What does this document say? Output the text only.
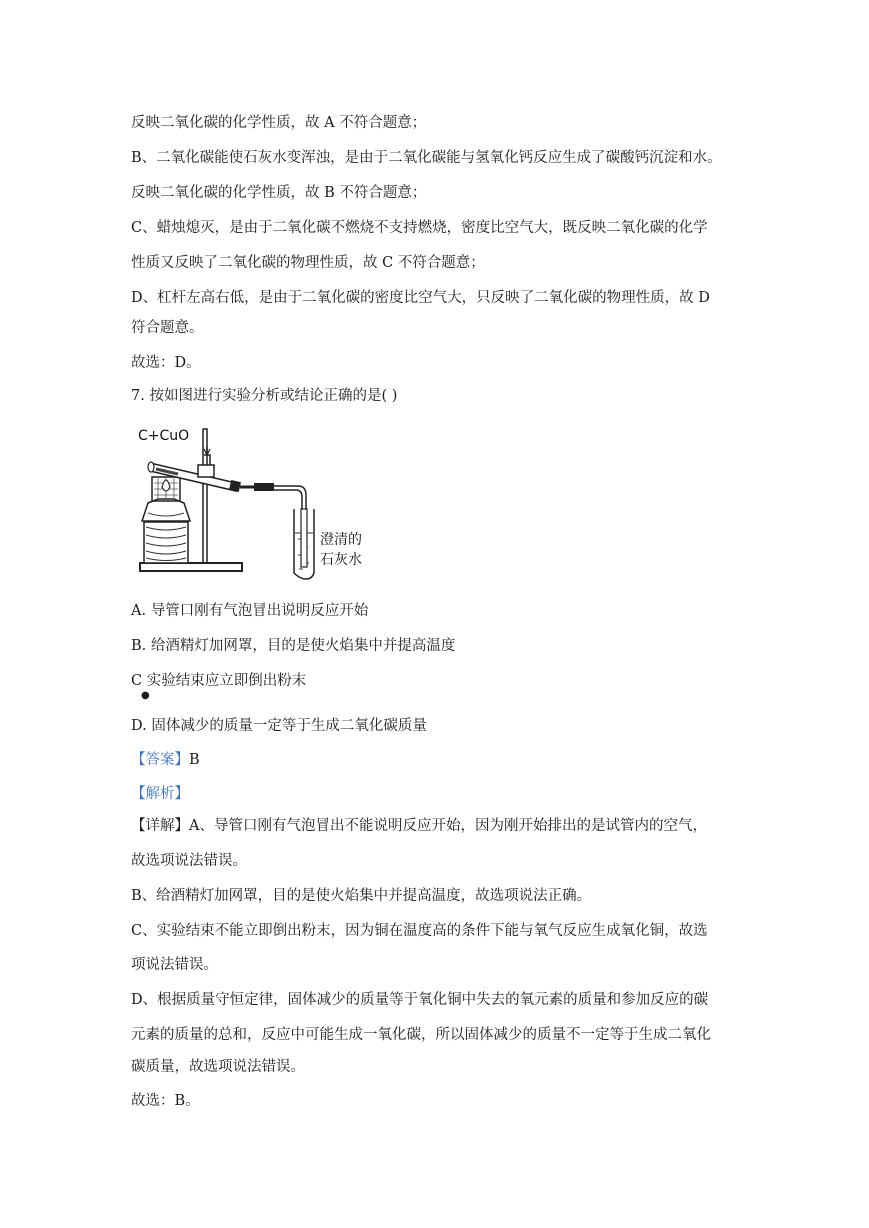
反映二氧化碳的化学性质，故 A 不符合题意；
B、二氧化碳能使石灰水变浑浊，是由于二氧化碳能与氢氧化钙反应生成了碳酸钙沉淀和水。
反映二氧化碳的化学性质，故 B 不符合题意；
C、蜡烛熄灭，是由于二氧化碳不燃烧不支持燃烧，密度比空气大，既反映二氧化碳的化学
性质又反映了二氧化碳的物理性质，故 C 不符合题意；
D、杠杆左高右低，是由于二氧化碳的密度比空气大，只反映了二氧化碳的物理性质，故 D
符合题意。
故选：D。
7. 按如图进行实验分析或结论正确的是( )
C+CuO
澄清的
石灰水
A. 导管口刚有气泡冒出说明反应开始
B. 给酒精灯加网罩，目的是使火焰集中并提高温度
C 实验结束应立即倒出粉末
●
D. 固体减少的质量一定等于生成二氧化碳质量
【答案】B
【解析】
【详解】A、导管口刚有气泡冒出不能说明反应开始，因为刚开始排出的是试管内的空气，
故选项说法错误。
B、给酒精灯加网罩，目的是使火焰集中并提高温度，故选项说法正确。
C、实验结束不能立即倒出粉末，因为铜在温度高的条件下能与氧气反应生成氧化铜，故选
项说法错误。
D、根据质量守恒定律，固体减少的质量等于氧化铜中失去的氧元素的质量和参加反应的碳
元素的质量的总和，反应中可能生成一氧化碳，所以固体减少的质量不一定等于生成二氧化
碳质量，故选项说法错误。
故选：B。
